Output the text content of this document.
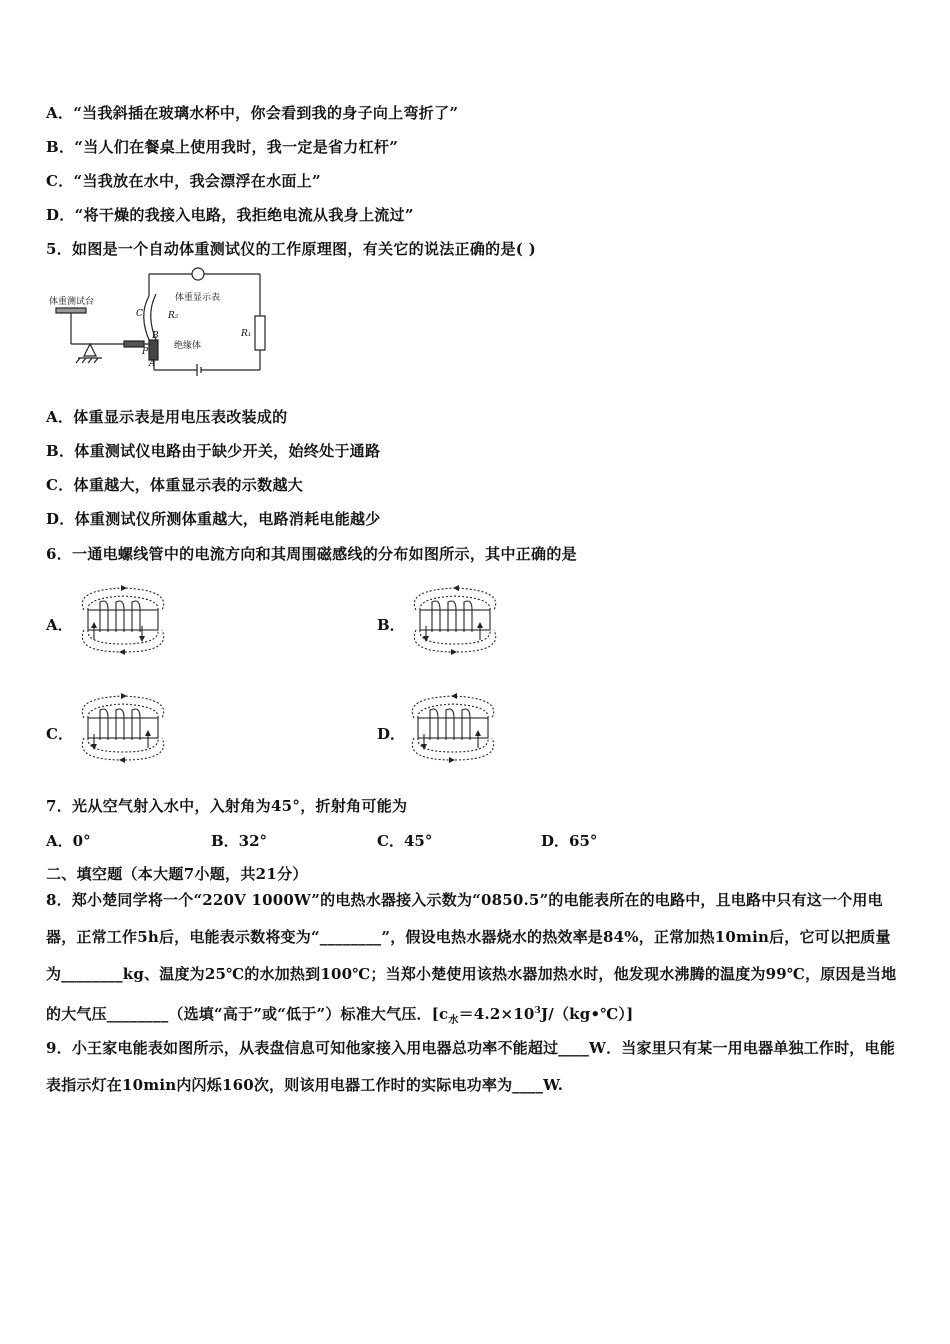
A．“当我斜插在玻璃水杯中，你会看到我的身子向上弯折了”
B．“当人们在餐桌上使用我时，我一定是省力杠杆”
C．“当我放在水中，我会漂浮在水面上”
D．“将干燥的我接入电路，我拒绝电流从我身上流过”
5．如图是一个自动体重测试仪的工作原理图，有关它的说法正确的是( )
体重测试台	体重显示表
R₂
R₁
绝缘体
C
B
P
A
A．体重显示表是用电压表改装成的
B．体重测试仪电路由于缺少开关，始终处于通路
C．体重越大，体重显示表的示数越大
D．体重测试仪所测体重越大，电路消耗电能越少
6．一通电螺线管中的电流方向和其周围磁感线的分布如图所示，其中正确的是
A．	B．
C．	D．
7．光从空气射入水中，入射角为45°，折射角可能为
A．0°	B．32°	C．45°	D．65°
二、填空题（本大题7小题，共21分）
8．郑小楚同学将一个“220V 1000W”的电热水器接入示数为“0850.5”的电能表所在的电路中，且电路中只有这一个用电器，正常工作5h后，电能表示数将变为“________”，假设电热水器烧水的热效率是84%，正常加热10min后，它可以把质量为________kg、温度为25℃的水加热到100℃；当郑小楚使用该热水器加热水时，他发现水沸腾的温度为99℃，原因是当地的大气压________（选填“高于”或“低于”）标准大气压．$[c_水=4.2\times 10^3J/(kg•℃)]$
9．小王家电能表如图所示，从表盘信息可知他家接入用电器总功率不能超过____W．当家里只有某一用电器单独工作时，电能表指示灯在10min内闪烁160次，则该用电器工作时的实际电功率为____W.
